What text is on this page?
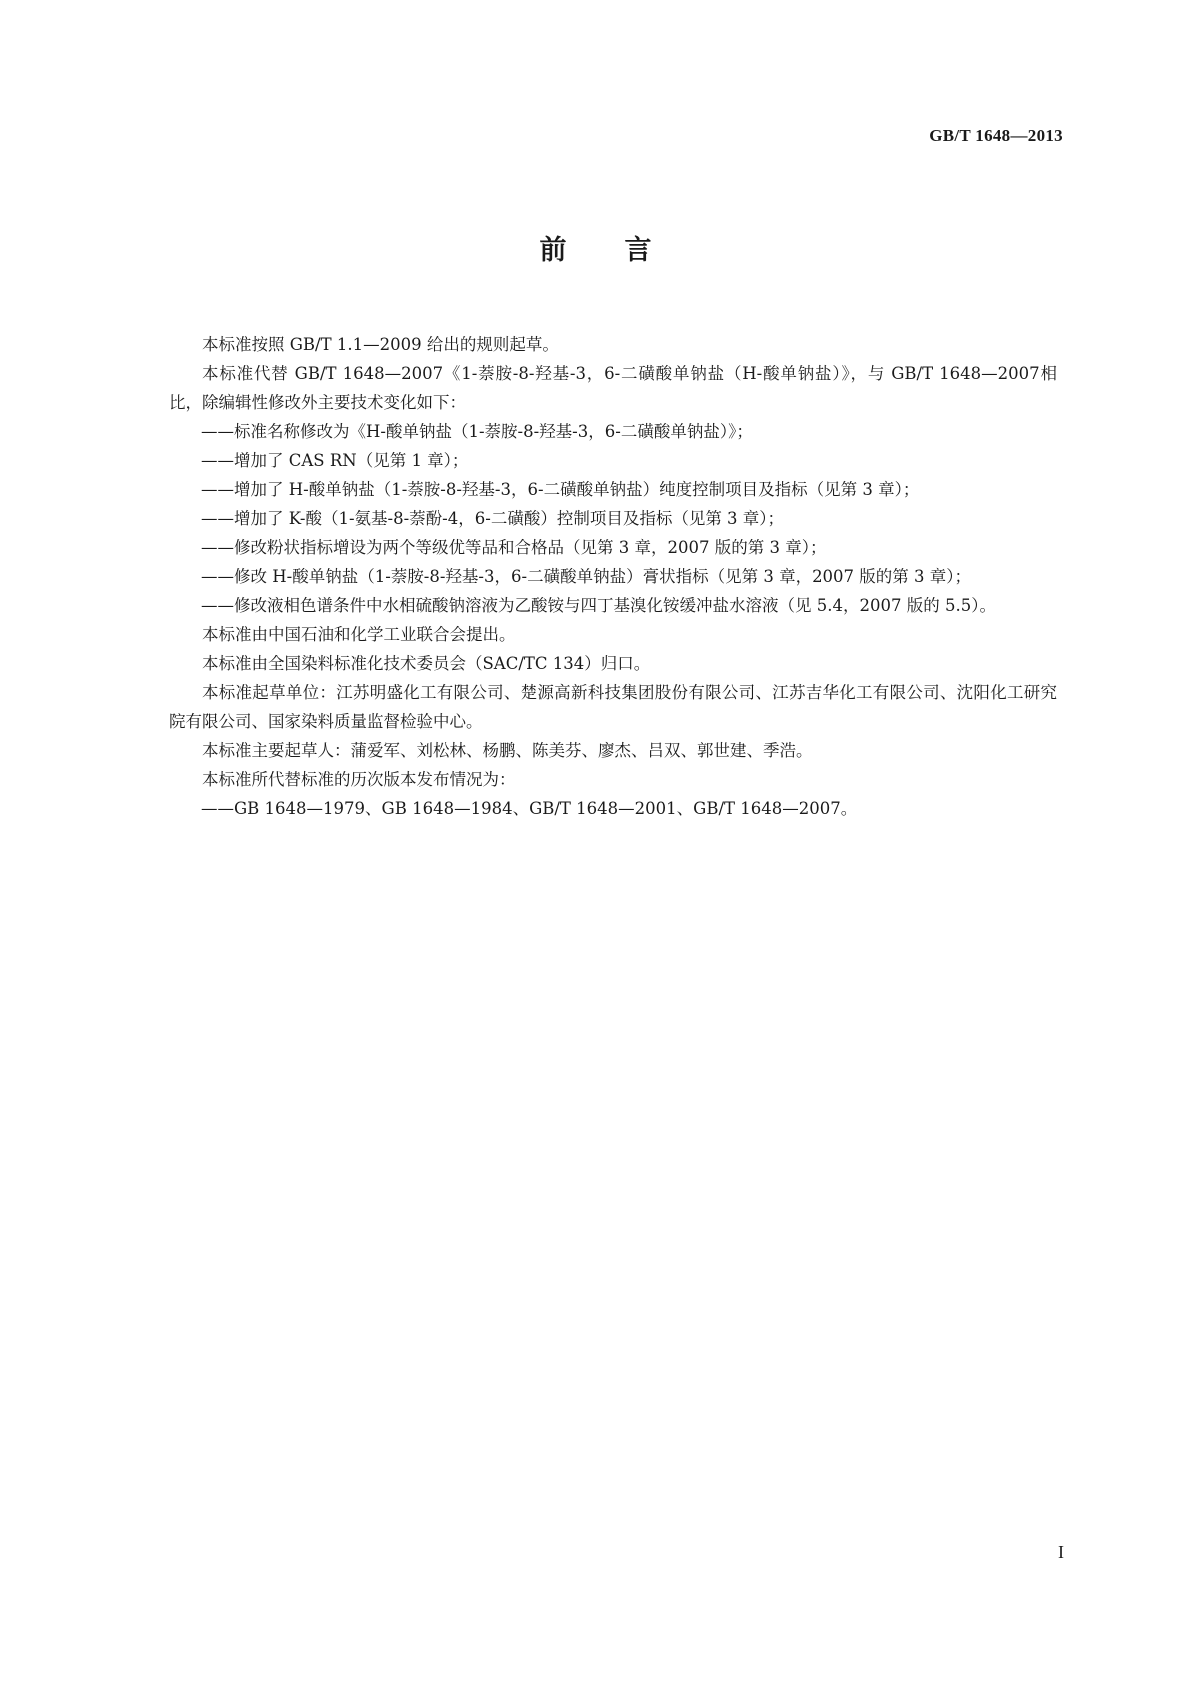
GB/T 1648—2013
前 言

本标准按照 GB/T 1.1—2009 给出的规则起草。

本标准代替 GB/T 1648—2007《1-萘胺-8-羟基-3，6-二磺酸单钠盐（H-酸单钠盐）》，与 GB/T 1648—2007相比，除编辑性修改外主要技术变化如下：

——标准名称修改为《H-酸单钠盐（1-萘胺-8-羟基-3，6-二磺酸单钠盐）》；

——增加了 CAS RN（见第 1 章）；

——增加了 H-酸单钠盐（1-萘胺-8-羟基-3，6-二磺酸单钠盐）纯度控制项目及指标（见第 3 章）；

——增加了 K-酸（1-氨基-8-萘酚-4，6-二磺酸）控制项目及指标（见第 3 章）；

——修改粉状指标增设为两个等级优等品和合格品（见第 3 章，2007 版的第 3 章）；

——修改 H-酸单钠盐（1-萘胺-8-羟基-3，6-二磺酸单钠盐）膏状指标（见第 3 章，2007 版的第 3 章）；

——修改液相色谱条件中水相硫酸钠溶液为乙酸铵与四丁基溴化铵缓冲盐水溶液（见 5.4，2007 版的 5.5）。

本标准由中国石油和化学工业联合会提出。

本标准由全国染料标准化技术委员会（SAC/TC 134）归口。

本标准起草单位：江苏明盛化工有限公司、楚源高新科技集团股份有限公司、江苏吉华化工有限公司、沈阳化工研究院有限公司、国家染料质量监督检验中心。

本标准主要起草人：蒲爱军、刘松林、杨鹏、陈美芬、廖杰、吕双、郭世建、季浩。

本标准所代替标准的历次版本发布情况为：

——GB 1648—1979、GB 1648—1984、GB/T 1648—2001、GB/T 1648—2007。

I
